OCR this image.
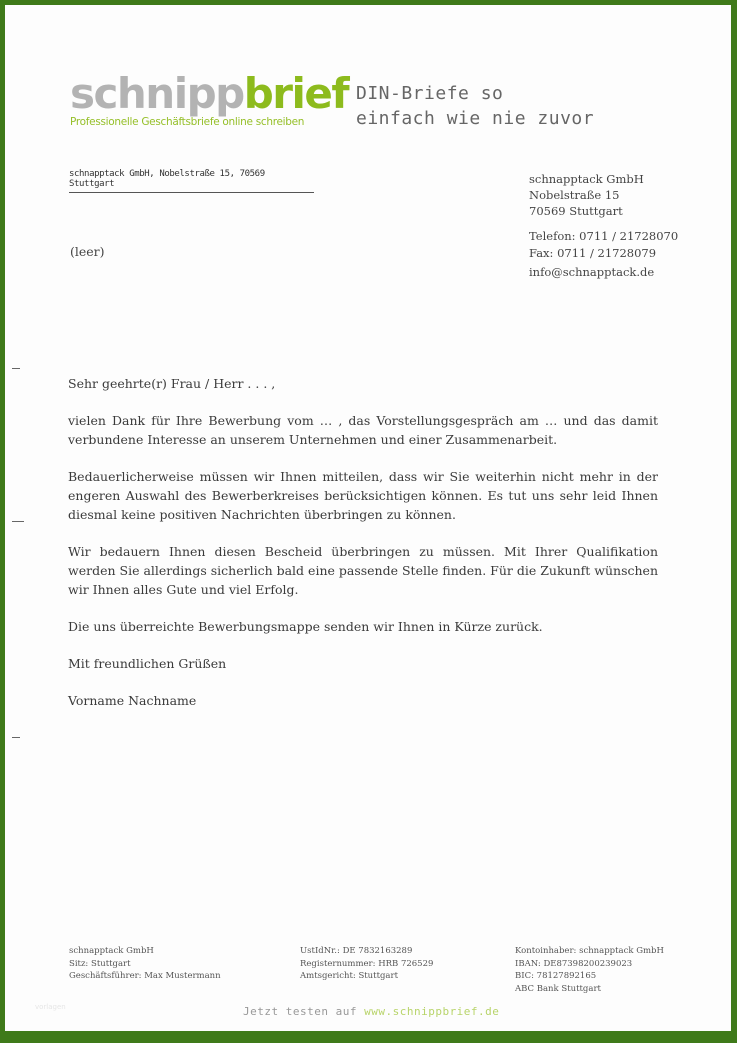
schnippbrief
Professionelle Geschäftsbriefe online schreiben
DIN-Briefe so
einfach wie nie zuvor
schnapptack GmbH, Nobelstraße 15, 70569 Stuttgart	schnapptack GmbH
Nobelstraße 15
70569 Stuttgart
Telefon: 0711 / 21728070
Fax: 0711 / 21728079
info@schnapptack.de
(leer)

Sehr geehrte(r) Frau / Herr . . . ,

vielen Dank für Ihre Bewerbung vom … , das Vorstellungsgespräch am … und das damit verbundene Interesse an unserem Unternehmen und einer Zusammenarbeit.

Bedauerlicherweise müssen wir Ihnen mitteilen, dass wir Sie weiterhin nicht mehr in der engeren Auswahl des Bewerberkreises berücksichtigen können. Es tut uns sehr leid Ihnen diesmal keine positiven Nachrichten überbringen zu können.

Wir bedauern Ihnen diesen Bescheid überbringen zu müssen. Mit Ihrer Qualifikation werden Sie allerdings sicherlich bald eine passende Stelle finden. Für die Zukunft wünschen wir Ihnen alles Gute und viel Erfolg.

Die uns überreichte Bewerbungsmappe senden wir Ihnen in Kürze zurück.

Mit freundlichen Grüßen

Vorname Nachname

schnapptack GmbH
Sitz: Stuttgart
Geschäftsführer: Max Mustermann
UstIdNr.: DE 7832163289
Registernummer: HRB 726529
Amtsgericht: Stuttgart
Kontoinhaber: schnapptack GmbH
IBAN: DE87398200239023
BIC: 78127892165
ABC Bank Stuttgart
vorlagen	Jetzt testen auf www.schnippbrief.de
